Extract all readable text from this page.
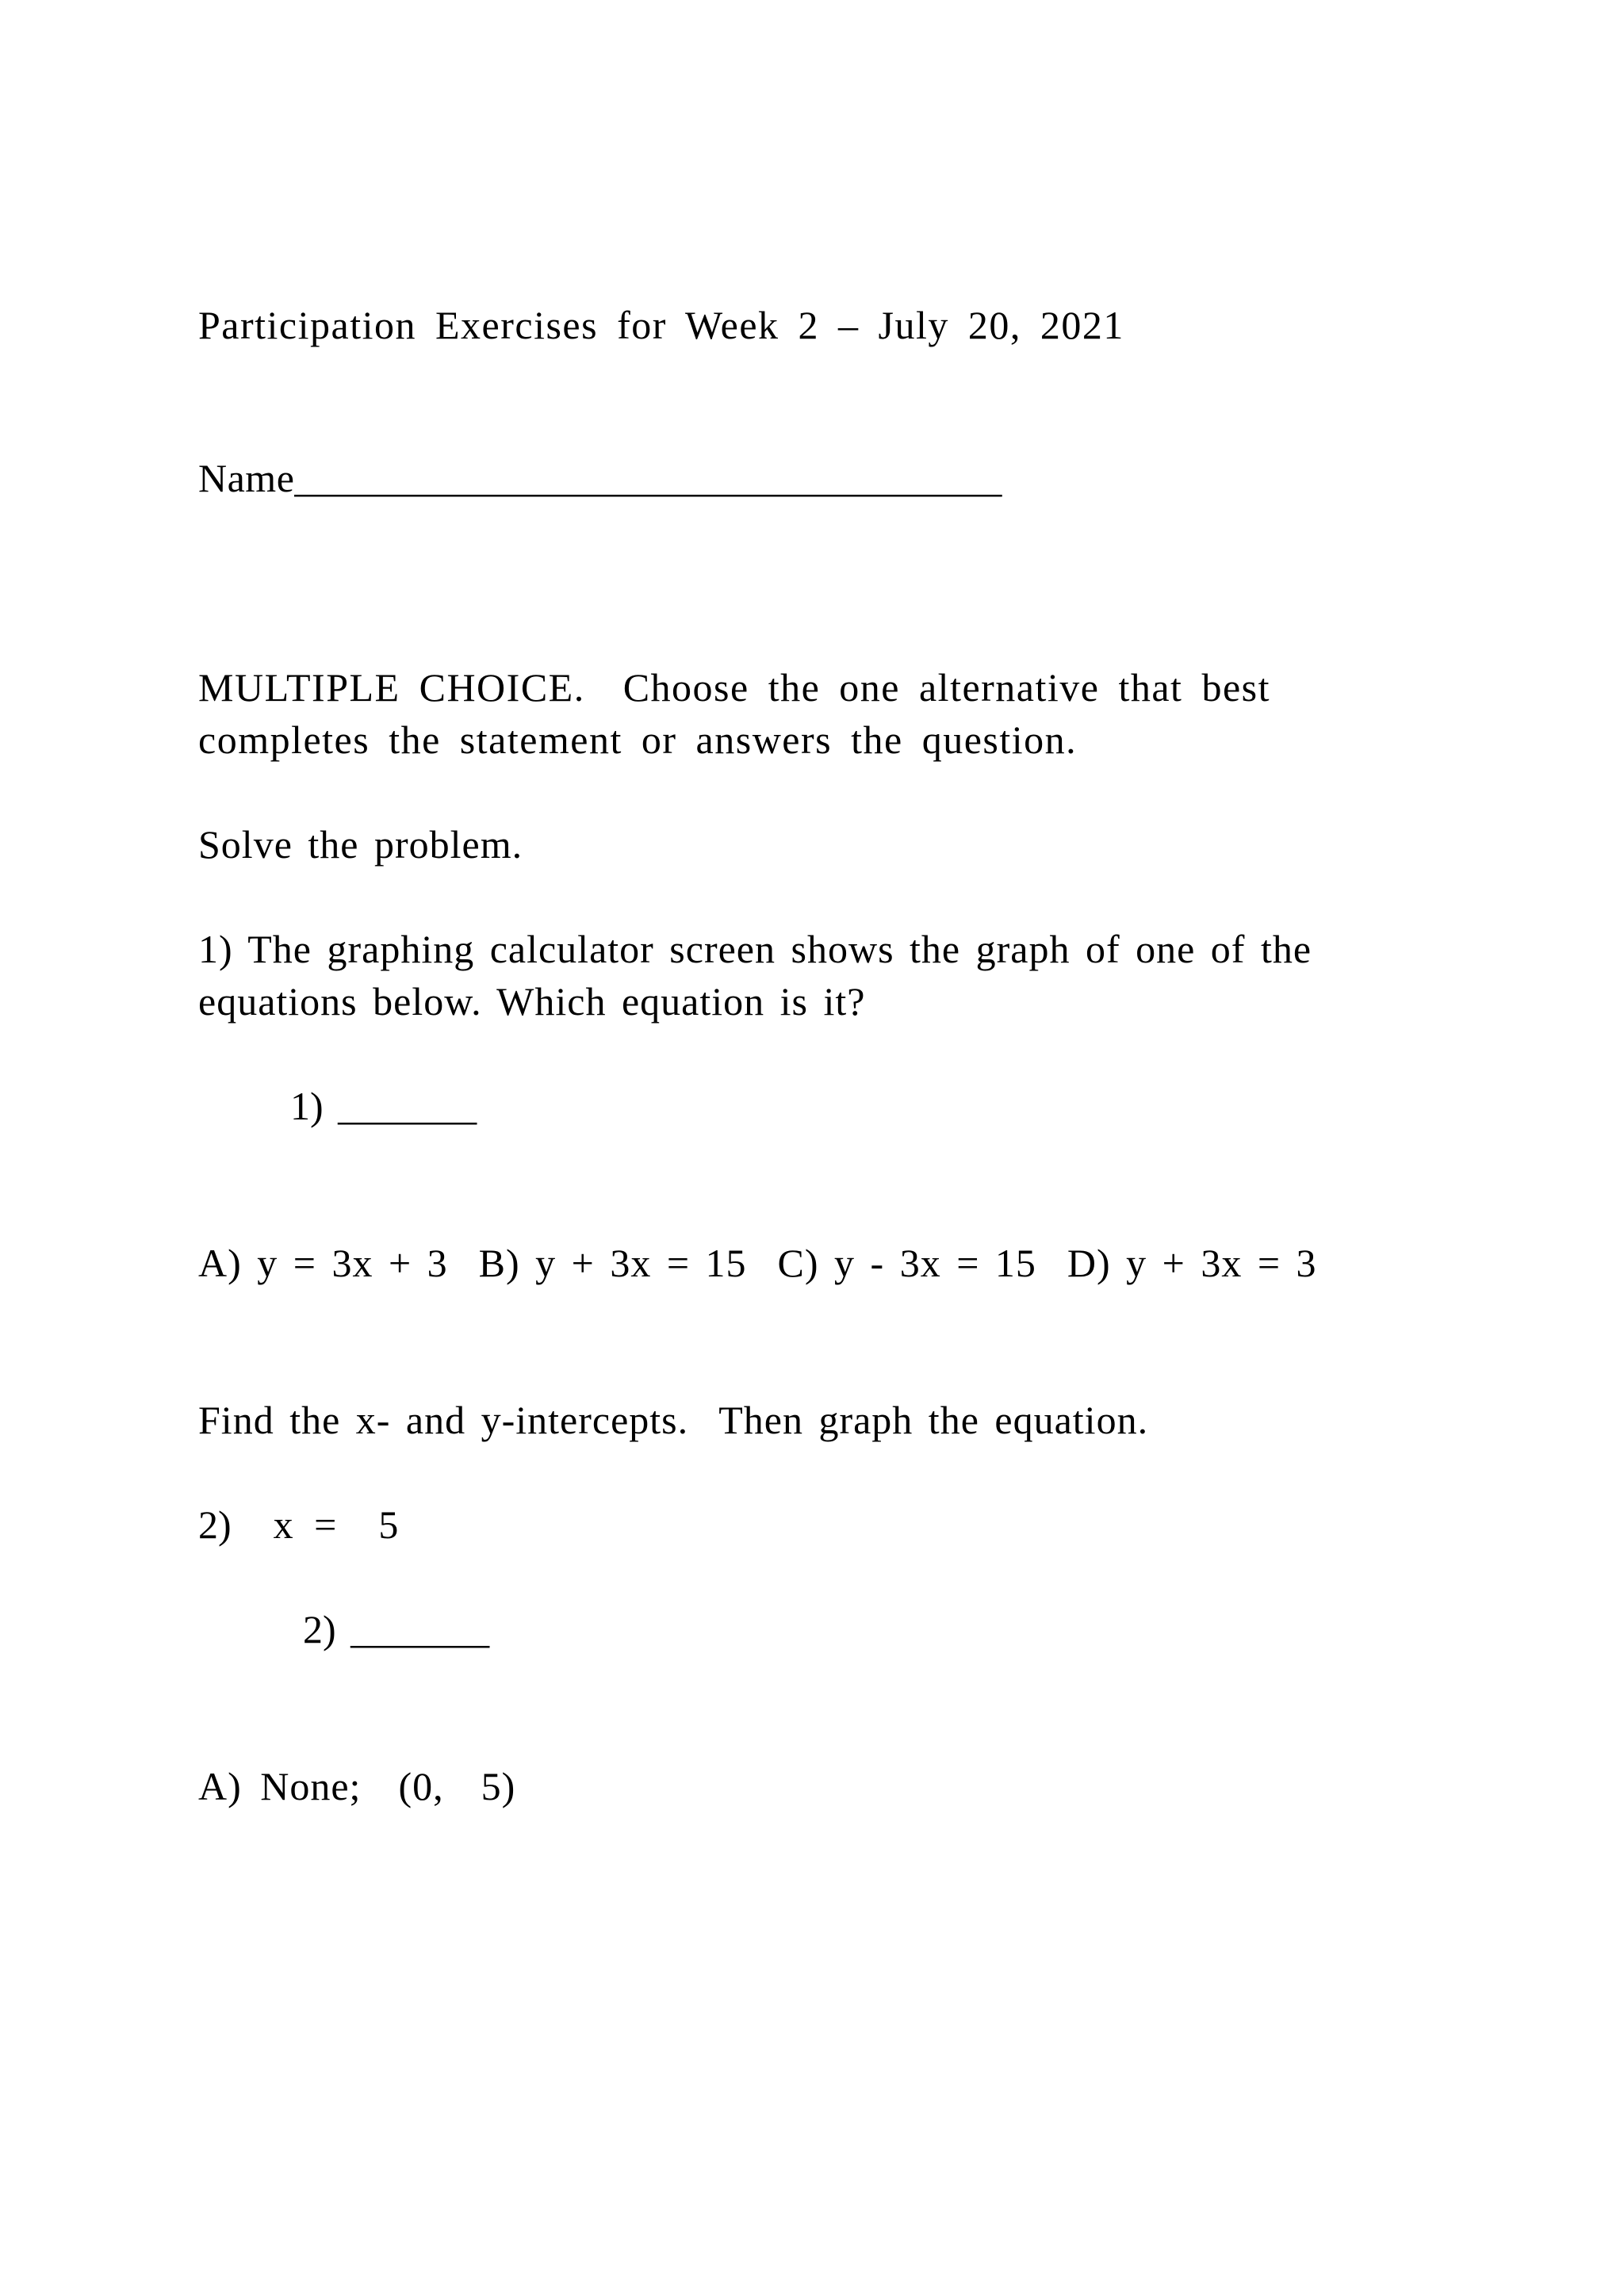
Participation Exercises for Week 2 – July 20, 2021

Name___________________________________

MULTIPLE CHOICE.  Choose the one alternative that best

completes the statement or answers the question.

Solve the problem.

1) The graphing calculator screen shows the graph of one of the

equations below. Which equation is it?

1) _______

A) y = 3x + 3  B) y + 3x = 15  C) y - 3x = 15  D) y + 3x = 3

Find the x- and y-intercepts.  Then graph the equation.

2)  x =  5

2) _______

A) None;  (0,  5)
